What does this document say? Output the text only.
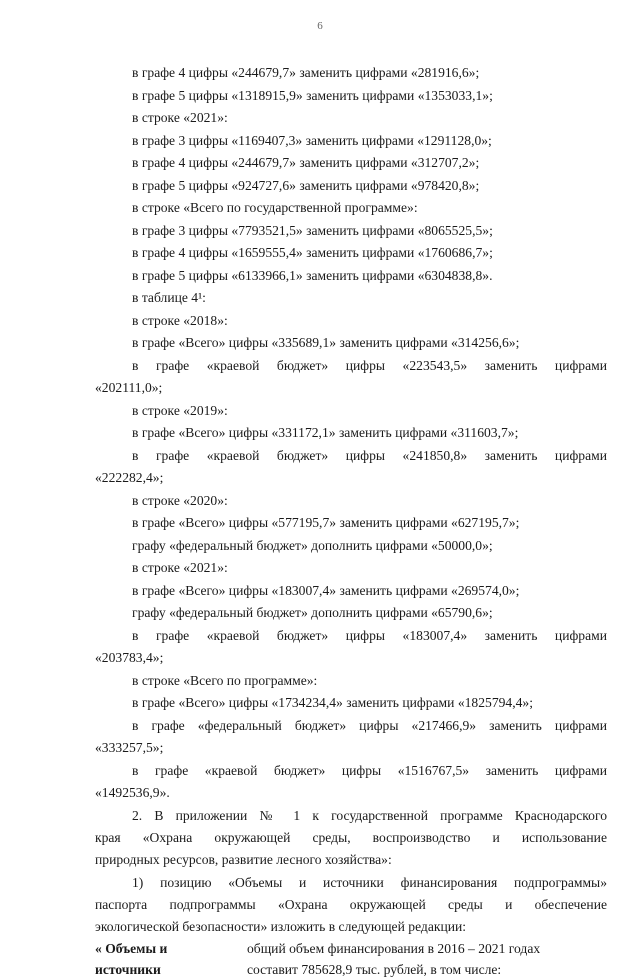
6
в графе 4 цифры «244679,7» заменить цифрами «281916,6»;
в графе 5 цифры «1318915,9» заменить цифрами «1353033,1»;
в строке «2021»:
в графе 3 цифры «1169407,3» заменить цифрами «1291128,0»;
в графе 4 цифры «244679,7» заменить цифрами «312707,2»;
в графе 5 цифры «924727,6» заменить цифрами «978420,8»;
в строке «Всего по государственной программе»:
в графе 3 цифры «7793521,5» заменить цифрами «8065525,5»;
в графе 4 цифры «1659555,4» заменить цифрами «1760686,7»;
в графе 5 цифры «6133966,1» заменить цифрами «6304838,8».
в таблице 4¹:
в строке «2018»:
в графе «Всего» цифры «335689,1» заменить цифрами «314256,6»;
в графе «краевой бюджет» цифры «223543,5» заменить цифрами
«202111,0»;
в строке «2019»:
в графе «Всего» цифры «331172,1» заменить цифрами «311603,7»;
в графе «краевой бюджет» цифры «241850,8» заменить цифрами
«222282,4»;
в строке «2020»:
в графе «Всего» цифры «577195,7» заменить цифрами «627195,7»;
графу «федеральный бюджет» дополнить цифрами «50000,0»;
в строке «2021»:
в графе «Всего» цифры «183007,4» заменить цифрами «269574,0»;
графу «федеральный бюджет» дополнить цифрами «65790,6»;
в графе «краевой бюджет» цифры «183007,4» заменить цифрами
«203783,4»;
в строке «Всего по программе»:
в графе «Всего» цифры «1734234,4» заменить цифрами «1825794,4»;
в графе «федеральный бюджет» цифры «217466,9» заменить цифрами
«333257,5»;
в графе «краевой бюджет» цифры «1516767,5» заменить цифрами
«1492536,9».
2. В приложении № 1 к государственной программе Краснодарского
края «Охрана окружающей среды, воспроизводство и использование
природных ресурсов, развитие лесного хозяйства»:
1) позицию «Объемы и источники финансирования подпрограммы»
паспорта подпрограммы «Охрана окружающей среды и обеспечение
экологической безопасности» изложить в следующей редакции:
« Объемы и	общий объем финансирования в 2016 – 2021 годах
источники	составит 785628,9 тыс. рублей, в том числе:
